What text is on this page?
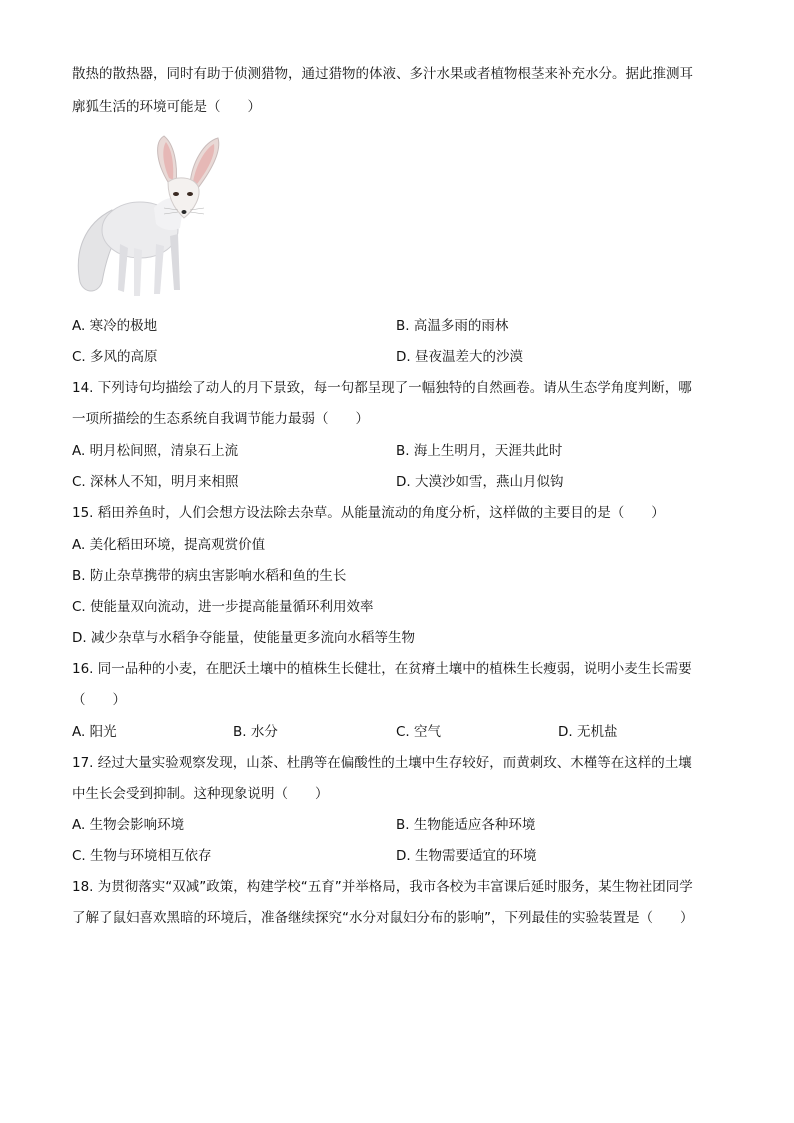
散热的散热器，同时有助于侦测猎物，通过猎物的体液、多汁水果或者植物根茎来补充水分。据此推测耳
廓狐生活的环境可能是（　　）
A. 寒冷的极地	B. 高温多雨的雨林
C. 多风的高原	D. 昼夜温差大的沙漠
14. 下列诗句均描绘了动人的月下景致，每一句都呈现了一幅独特的自然画卷。请从生态学角度判断，哪
一项所描绘的生态系统自我调节能力最弱（　　）
A. 明月松间照，清泉石上流	B. 海上生明月，天涯共此时
C. 深林人不知，明月来相照	D. 大漠沙如雪，燕山月似钩
15. 稻田养鱼时，人们会想方设法除去杂草。从能量流动的角度分析，这样做的主要目的是（　　）
A. 美化稻田环境，提高观赏价值
B. 防止杂草携带的病虫害影响水稻和鱼的生长
C. 使能量双向流动，进一步提高能量循环利用效率
D. 减少杂草与水稻争夺能量，使能量更多流向水稻等生物
16. 同一品种的小麦，在肥沃土壤中的植株生长健壮，在贫瘠土壤中的植株生长瘦弱，说明小麦生长需要
（　　）
A. 阳光	B. 水分	C. 空气	D. 无机盐
17. 经过大量实验观察发现，山茶、杜鹃等在偏酸性的土壤中生存较好，而黄刺玫、木槿等在这样的土壤
中生长会受到抑制。这种现象说明（　　）
A. 生物会影响环境	B. 生物能适应各种环境
C. 生物与环境相互依存	D. 生物需要适宜的环境
18. 为贯彻落实“双减”政策，构建学校“五育”并举格局，我市各校为丰富课后延时服务，某生物社团同学
了解了鼠妇喜欢黑暗的环境后，准备继续探究“水分对鼠妇分布的影响”，下列最佳的实验装置是（　　）
